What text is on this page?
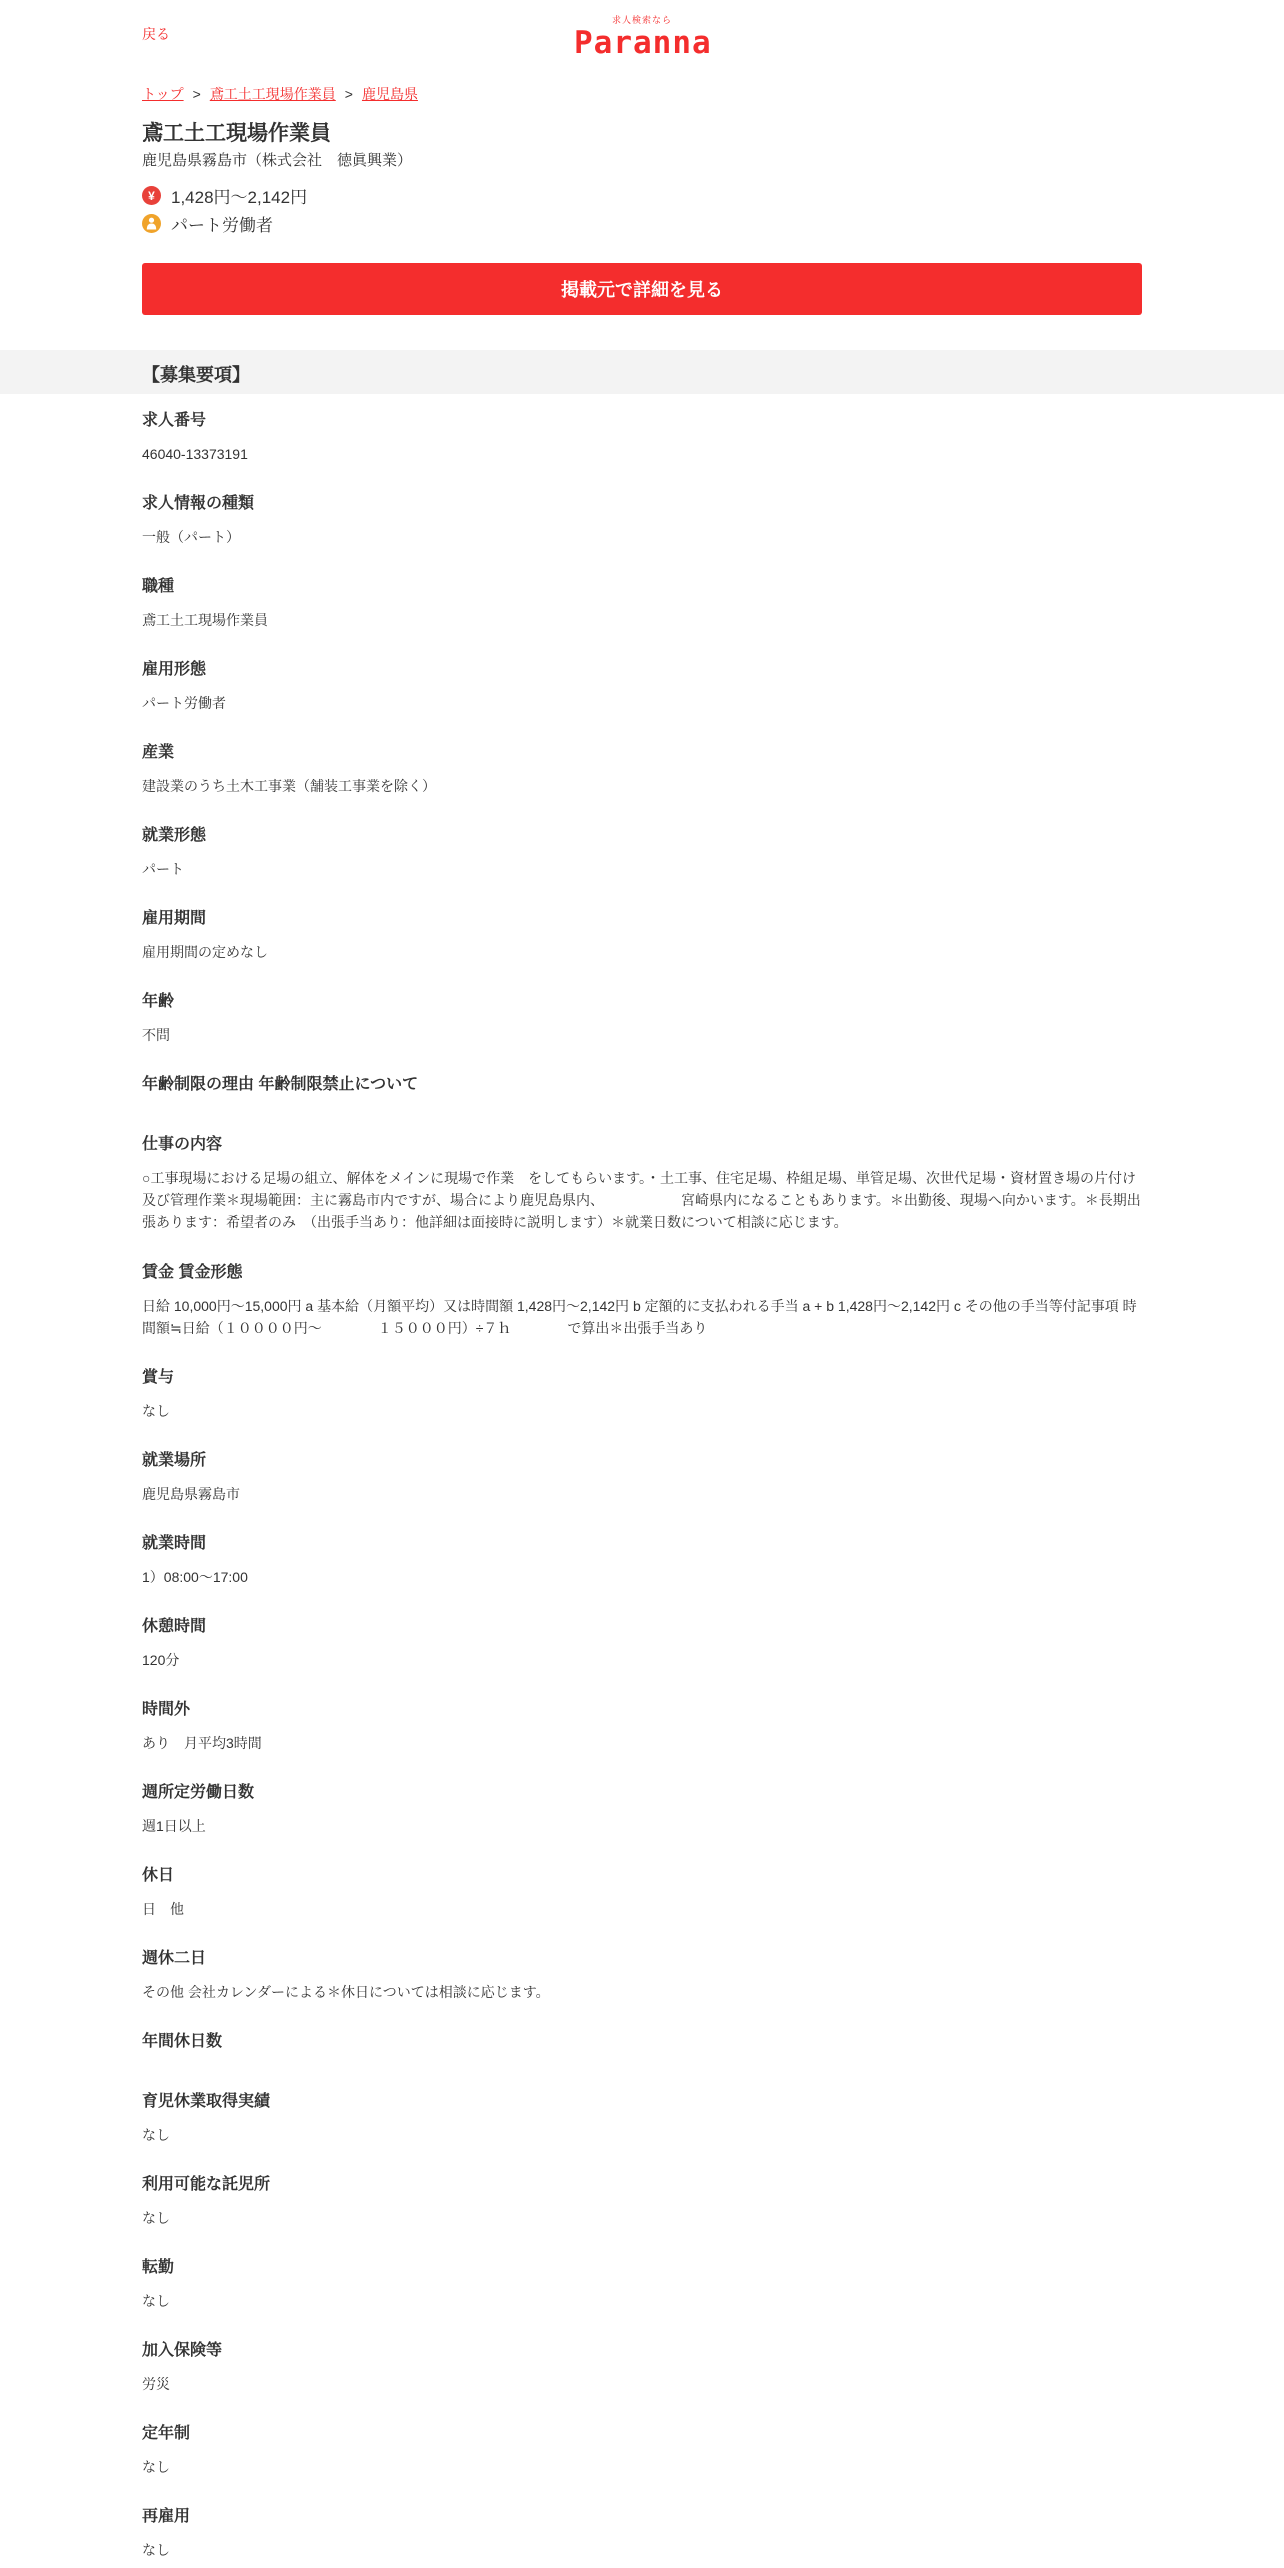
戻る
求人検索なら
Paranna
トップ > 鳶工土工現場作業員 > 鹿児島県
鳶工土工現場作業員
鹿児島県霧島市（株式会社　徳眞興業）
¥ 1,428円～2,142円
パート労働者
掲載元で詳細を見る
【募集要項】
求人番号
46040-13373191
求人情報の種類
一般（パート）
職種
鳶工土工現場作業員
雇用形態
パート労働者
産業
建設業のうち土木工事業（舗装工事業を除く）
就業形態
パート
雇用期間
雇用期間の定めなし
年齢
不問
年齢制限の理由 年齢制限禁止について
仕事の内容
○工事現場における足場の組立、解体をメインに現場で作業　をしてもらいます。・土工事、住宅足場、枠組足場、単管足場、次世代足場・資材置き場の片付け及び管理作業＊現場範囲：主に霧島市内ですが、場合により鹿児島県内、　　　　　　宮崎県内になることもあります。＊出勤後、現場へ向かいます。＊長期出張あります：希望者のみ　（出張手当あり：他詳細は面接時に説明します）＊就業日数について相談に応じます。
賃金 賃金形態
日給 10,000円～15,000円 a 基本給（月額平均）又は時間額 1,428円～2,142円 b 定額的に支払われる手当 a + b 1,428円～2,142円 c その他の手当等付記事項 時間額≒日給（１００００円～　　　　１５０００円）÷７ｈ　　　　で算出＊出張手当あり
賞与
なし
就業場所
鹿児島県霧島市
就業時間
1）08:00～17:00
休憩時間
120分
時間外
あり　月平均3時間
週所定労働日数
週1日以上
休日
日　他
週休二日
その他 会社カレンダーによる＊休日については相談に応じます。
年間休日数
育児休業取得実績
なし
利用可能な託児所
なし
転勤
なし
加入保険等
労災
定年制
なし
再雇用
なし
